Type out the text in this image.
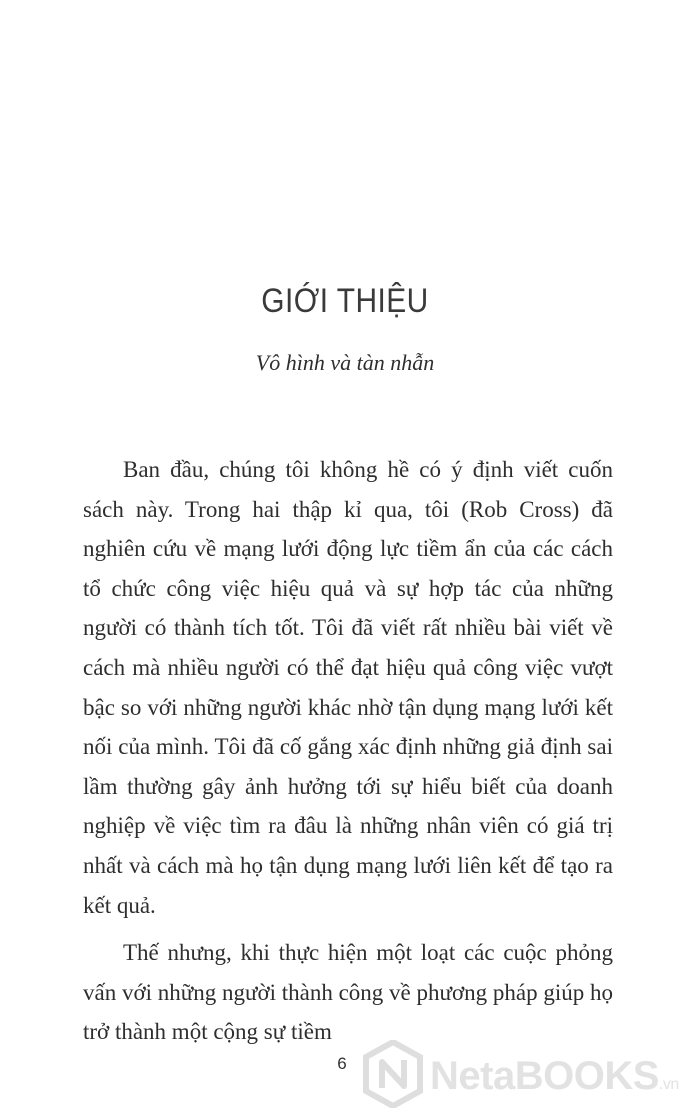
GIỚI THIỆU
Vô hình và tàn nhẫn

Ban đầu, chúng tôi không hề có ý định viết cuốn sách này. Trong hai thập kỉ qua, tôi (Rob Cross) đã nghiên cứu về mạng lưới động lực tiềm ẩn của các cách tổ chức công việc hiệu quả và sự hợp tác của những người có thành tích tốt. Tôi đã viết rất nhiều bài viết về cách mà nhiều người có thể đạt hiệu quả công việc vượt bậc so với những người khác nhờ tận dụng mạng lưới kết nối của mình. Tôi đã cố gắng xác định những giả định sai lầm thường gây ảnh hưởng tới sự hiểu biết của doanh nghiệp về việc tìm ra đâu là những nhân viên có giá trị nhất và cách mà họ tận dụng mạng lưới liên kết để tạo ra kết quả.

Thế nhưng, khi thực hiện một loạt các cuộc phỏng vấn với những người thành công về phương pháp giúp họ trở thành một cộng sự tiềm

6 NetaBOOKS.vn
